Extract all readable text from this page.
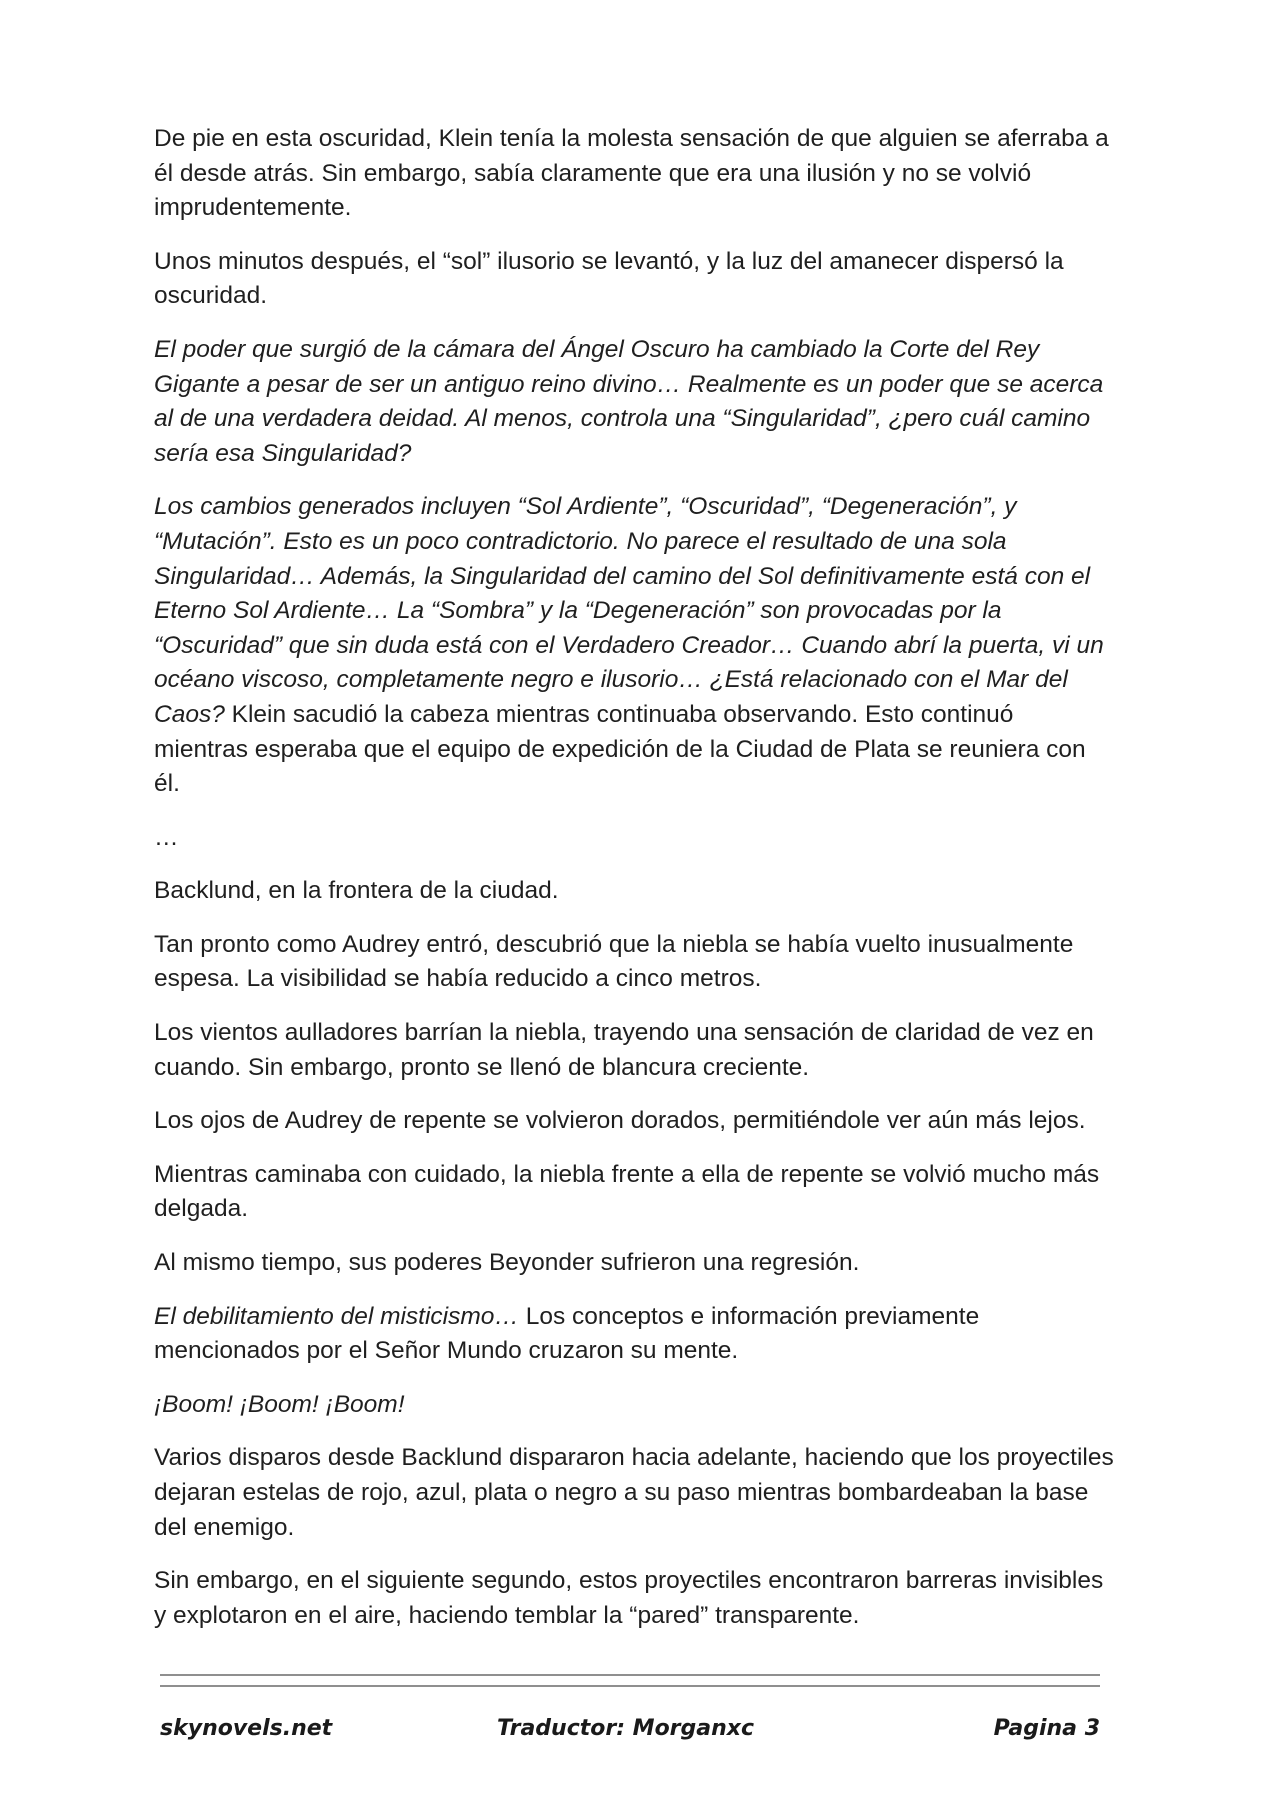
De pie en esta oscuridad, Klein tenía la molesta sensación de que alguien se aferraba a él desde atrás. Sin embargo, sabía claramente que era una ilusión y no se volvió imprudentemente.

Unos minutos después, el “sol” ilusorio se levantó, y la luz del amanecer dispersó la oscuridad.

El poder que surgió de la cámara del Ángel Oscuro ha cambiado la Corte del Rey Gigante a pesar de ser un antiguo reino divino… Realmente es un poder que se acerca al de una verdadera deidad. Al menos, controla una “Singularidad”, ¿pero cuál camino sería esa Singularidad?

Los cambios generados incluyen “Sol Ardiente”, “Oscuridad”, “Degeneración”, y “Mutación”. Esto es un poco contradictorio. No parece el resultado de una sola Singularidad… Además, la Singularidad del camino del Sol definitivamente está con el Eterno Sol Ardiente… La “Sombra” y la “Degeneración” son provocadas por la “Oscuridad” que sin duda está con el Verdadero Creador… Cuando abrí la puerta, vi un océano viscoso, completamente negro e ilusorio… ¿Está relacionado con el Mar del Caos? Klein sacudió la cabeza mientras continuaba observando. Esto continuó mientras esperaba que el equipo de expedición de la Ciudad de Plata se reuniera con él.

…

Backlund, en la frontera de la ciudad.

Tan pronto como Audrey entró, descubrió que la niebla se había vuelto inusualmente espesa. La visibilidad se había reducido a cinco metros.

Los vientos aulladores barrían la niebla, trayendo una sensación de claridad de vez en cuando. Sin embargo, pronto se llenó de blancura creciente.

Los ojos de Audrey de repente se volvieron dorados, permitiéndole ver aún más lejos.

Mientras caminaba con cuidado, la niebla frente a ella de repente se volvió mucho más delgada.

Al mismo tiempo, sus poderes Beyonder sufrieron una regresión.

El debilitamiento del misticismo… Los conceptos e información previamente mencionados por el Señor Mundo cruzaron su mente.

¡Boom! ¡Boom! ¡Boom!

Varios disparos desde Backlund dispararon hacia adelante, haciendo que los proyectiles dejaran estelas de rojo, azul, plata o negro a su paso mientras bombardeaban la base del enemigo.

Sin embargo, en el siguiente segundo, estos proyectiles encontraron barreras invisibles y explotaron en el aire, haciendo temblar la “pared” transparente.

skynovels.net	Traductor: Morganxc	Pagina 3
